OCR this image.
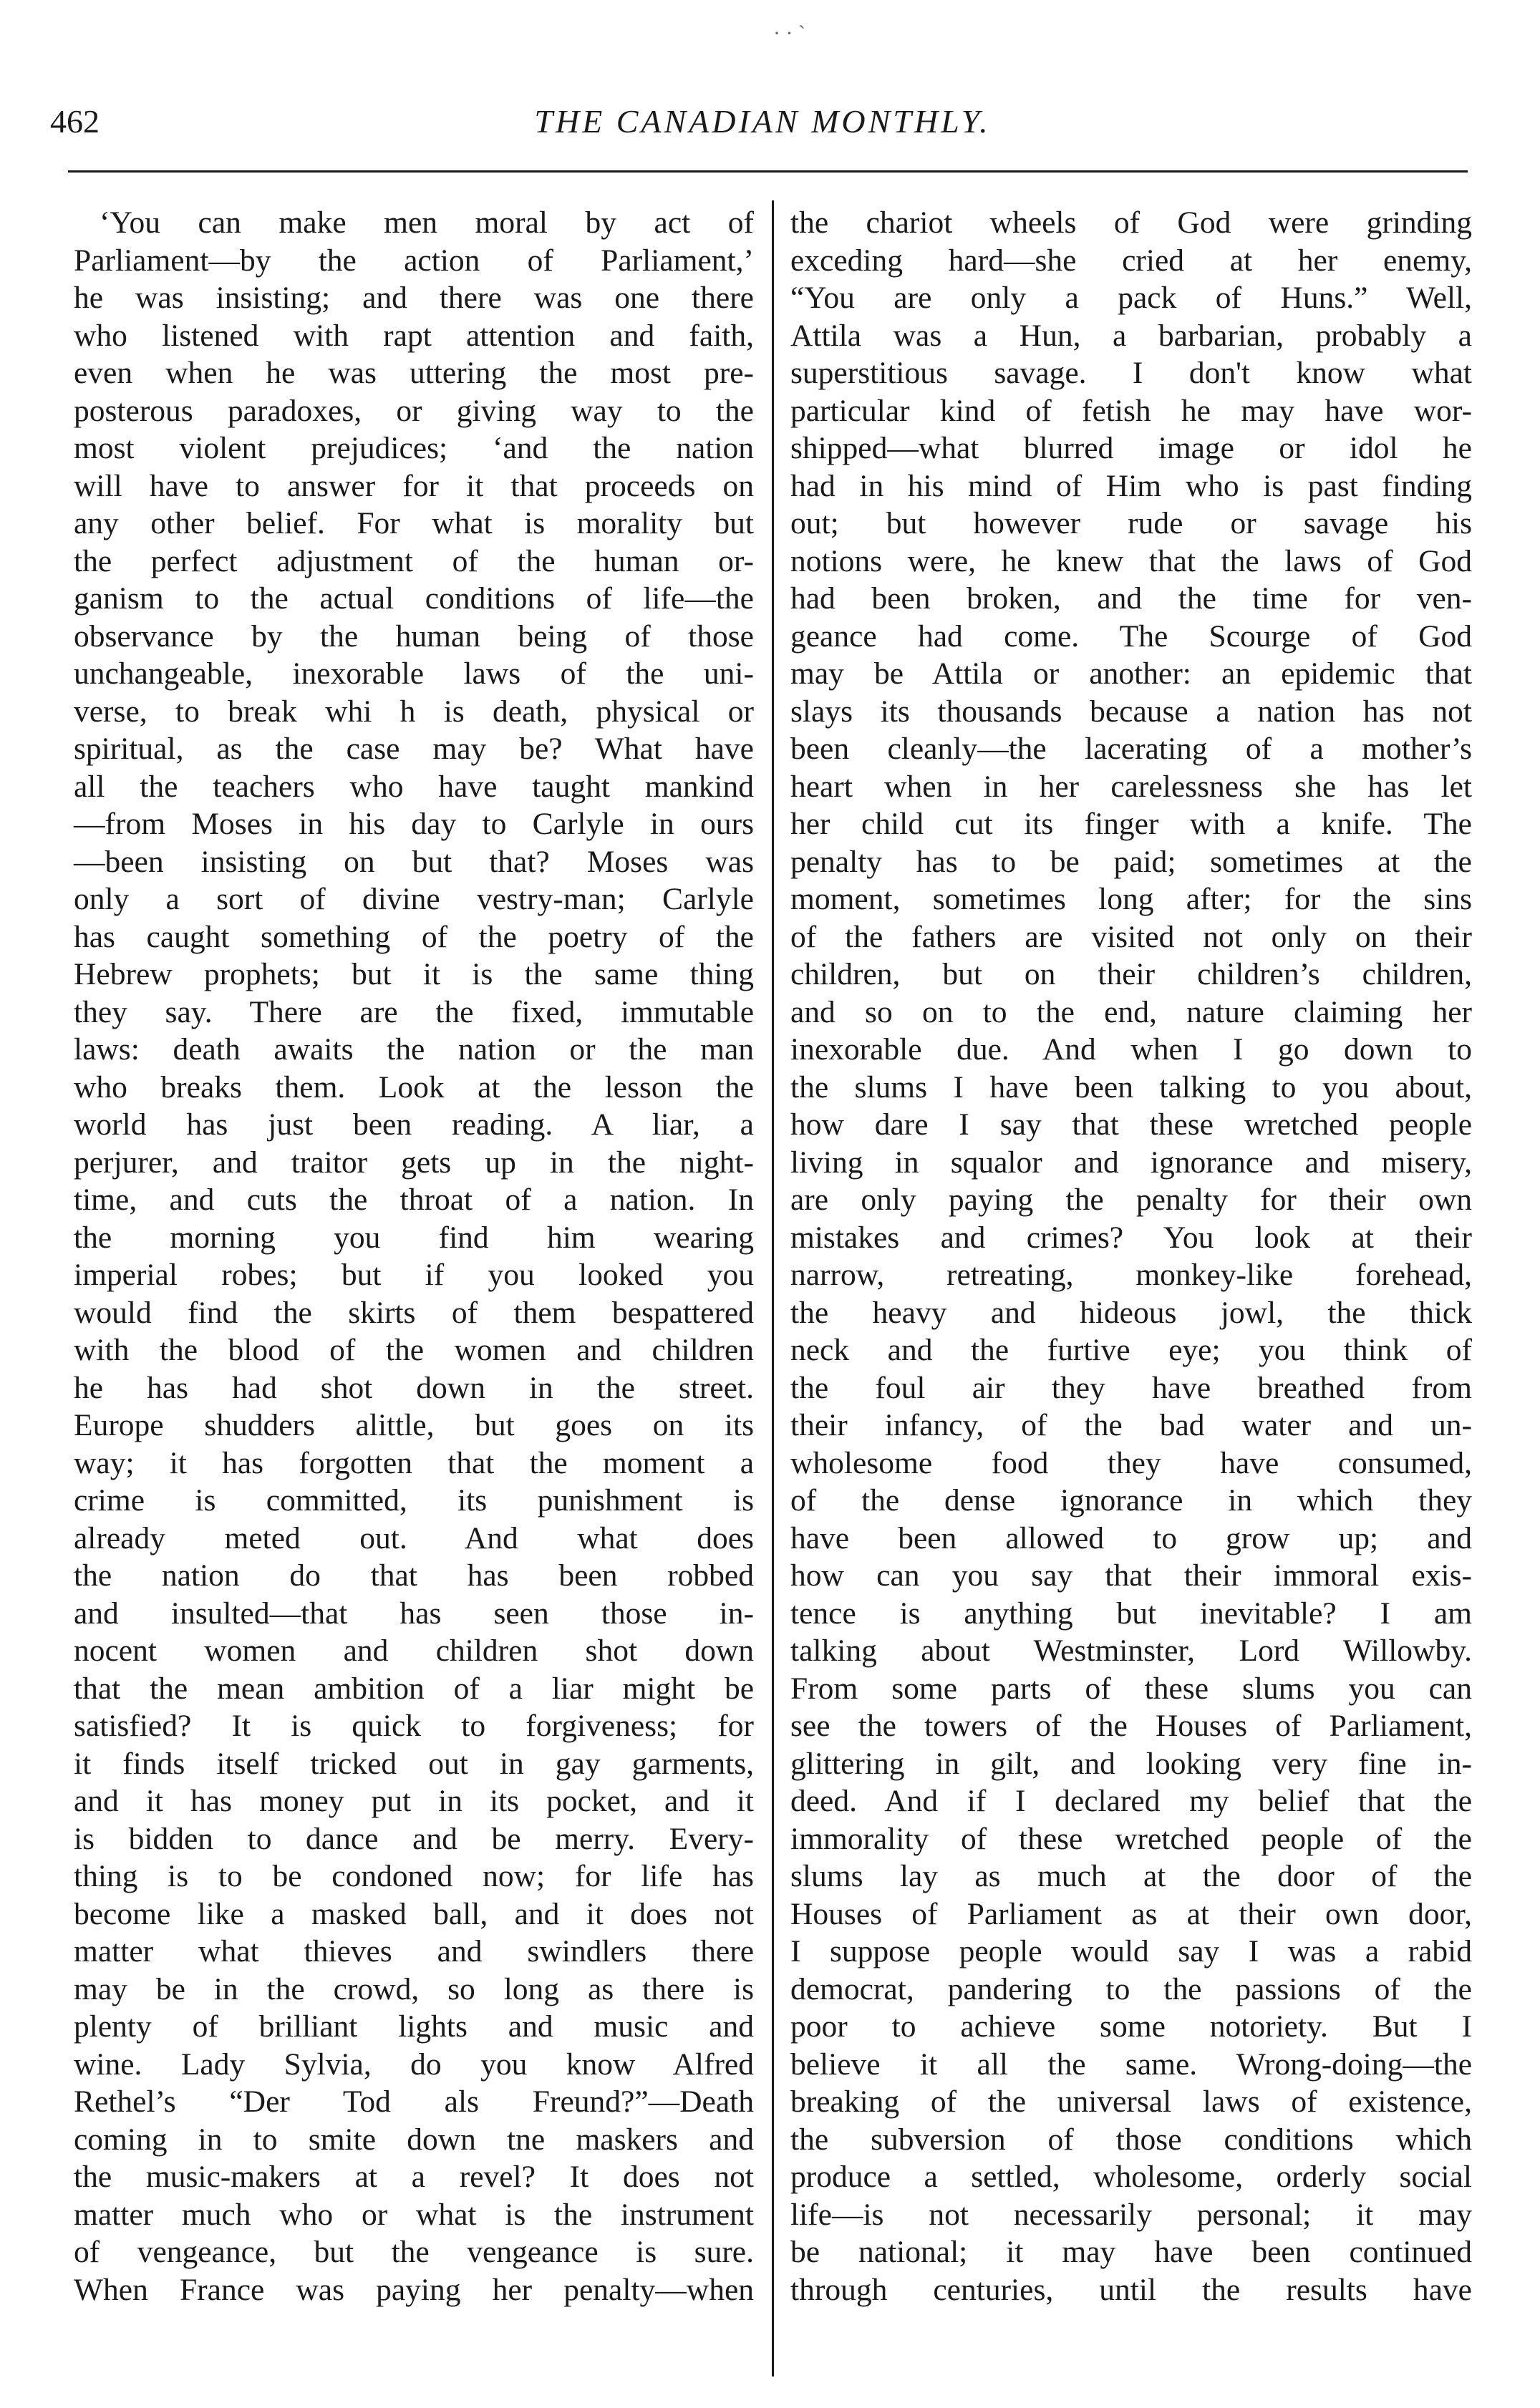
· · ˋ
462	THE CANADIAN MONTHLY.
‘You can make men moral by act of
Parliament—by the action of Parliament,’
he was insisting; and there was one there
who listened with rapt attention and faith,
even when he was uttering the most pre-
posterous paradoxes, or giving way to the
most violent prejudices; ‘and the nation
will have to answer for it that proceeds on
any other belief. For what is morality but
the perfect adjustment of the human or-
ganism to the actual conditions of life—the
observance by the human being of those
unchangeable, inexorable laws of the uni-
verse, to break whi h is death, physical or
spiritual, as the case may be? What have
all the teachers who have taught mankind
—from Moses in his day to Carlyle in ours
—been insisting on but that? Moses was
only a sort of divine vestry-man; Carlyle
has caught something of the poetry of the
Hebrew prophets; but it is the same thing
they say. There are the fixed, immutable
laws: death awaits the nation or the man
who breaks them. Look at the lesson the
world has just been reading. A liar, a
perjurer, and traitor gets up in the night-
time, and cuts the throat of a nation. In
the morning you find him wearing
imperial robes; but if you looked you
would find the skirts of them bespattered
with the blood of the women and children
he has had shot down in the street.
Europe shudders alittle, but goes on its
way; it has forgotten that the moment a
crime is committed, its punishment is
already meted out. And what does
the nation do that has been robbed
and insulted—that has seen those in-
nocent women and children shot down
that the mean ambition of a liar might be
satisfied? It is quick to forgiveness; for
it finds itself tricked out in gay garments,
and it has money put in its pocket, and it
is bidden to dance and be merry. Every-
thing is to be condoned now; for life has
become like a masked ball, and it does not
matter what thieves and swindlers there
may be in the crowd, so long as there is
plenty of brilliant lights and music and
wine. Lady Sylvia, do you know Alfred
Rethel’s “Der Tod als Freund?”—Death
coming in to smite down tne maskers and
the music-makers at a revel? It does not
matter much who or what is the instrument
of vengeance, but the vengeance is sure.
When France was paying her penalty—when
the chariot wheels of God were grinding
exceding hard—she cried at her enemy,
“You are only a pack of Huns.” Well,
Attila was a Hun, a barbarian, probably a
superstitious savage. I don't know what
particular kind of fetish he may have wor-
shipped—what blurred image or idol he
had in his mind of Him who is past finding
out; but however rude or savage his
notions were, he knew that the laws of God
had been broken, and the time for ven-
geance had come. The Scourge of God
may be Attila or another: an epidemic that
slays its thousands because a nation has not
been cleanly—the lacerating of a mother’s
heart when in her carelessness she has let
her child cut its finger with a knife. The
penalty has to be paid; sometimes at the
moment, sometimes long after; for the sins
of the fathers are visited not only on their
children, but on their children’s children,
and so on to the end, nature claiming her
inexorable due. And when I go down to
the slums I have been talking to you about,
how dare I say that these wretched people
living in squalor and ignorance and misery,
are only paying the penalty for their own
mistakes and crimes? You look at their
narrow, retreating, monkey-like forehead,
the heavy and hideous jowl, the thick
neck and the furtive eye; you think of
the foul air they have breathed from
their infancy, of the bad water and un-
wholesome food they have consumed,
of the dense ignorance in which they
have been allowed to grow up; and
how can you say that their immoral exis-
tence is anything but inevitable? I am
talking about Westminster, Lord Willowby.
From some parts of these slums you can
see the towers of the Houses of Parliament,
glittering in gilt, and looking very fine in-
deed. And if I declared my belief that the
immorality of these wretched people of the
slums lay as much at the door of the
Houses of Parliament as at their own door,
I suppose people would say I was a rabid
democrat, pandering to the passions of the
poor to achieve some notoriety. But I
believe it all the same. Wrong-doing—the
breaking of the universal laws of existence,
the subversion of those conditions which
produce a settled, wholesome, orderly social
life—is not necessarily personal; it may
be national; it may have been continued
through centuries, until the results have
